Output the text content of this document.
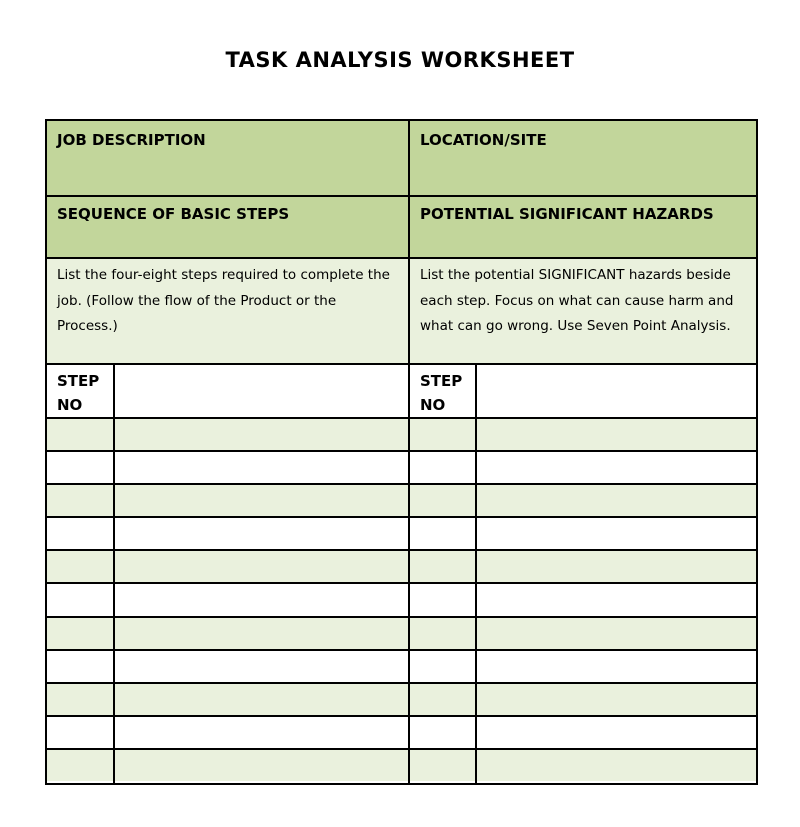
TASK ANALYSIS WORKSHEET
JOB DESCRIPTION	LOCATION/SITE
SEQUENCE OF BASIC STEPS	POTENTIAL SIGNIFICANT HAZARDS
List the four-eight steps required to complete the job. (Follow the flow of the Product or the Process.)
List the potential SIGNIFICANT hazards beside each step. Focus on what can cause harm and what can go wrong. Use Seven Point Analysis.
STEP NO
STEP NO
